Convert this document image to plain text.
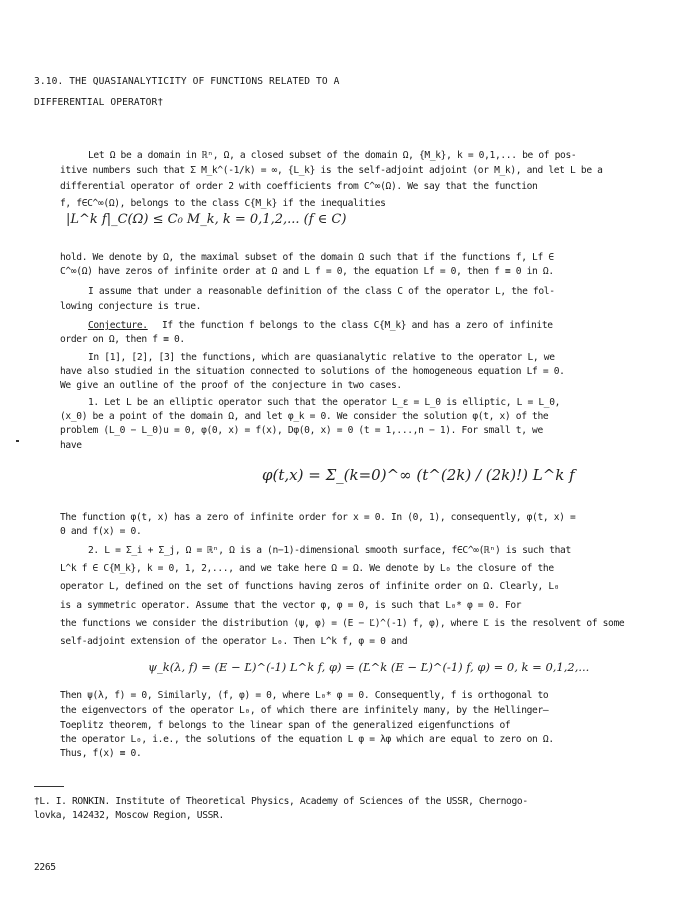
3.10. THE QUASIANALYTICITY OF FUNCTIONS RELATED TO A
DIFFERENTIAL OPERATOR†
Let Ω be a domain in ℝⁿ, Ω, a closed subset of the domain Ω, {M_k}, k = 0,1,... be of pos-
itive numbers such that Σ M_k^(-1/k) = ∞, {L_k} is the self-adjoint adjoint (or M_k), and let L be a
differential operator of order 2 with coefficients from C^∞(Ω). We say that the function
f, f∈C^∞(Ω), belongs to the class C{M_k} if the inequalities
|L^k f|_C(Ω) ≤ C₀ M_k, k = 0,1,2,... (f ∈ C)
hold. We denote by Ω, the maximal subset of the domain Ω such that if the functions f, Lf ∈
C^∞(Ω) have zeros of infinite order at Ω and L f = 0, the equation Lf = 0, then f ≡ 0 in Ω.
I assume that under a reasonable definition of the class C of the operator L, the fol-
lowing conjecture is true.
Conjecture.	If the function f belongs to the class C{M_k} and has a zero of infinite
order on Ω, then f ≡ 0.
In [1], [2], [3] the functions, which are quasianalytic relative to the operator L, we
have also studied in the situation connected to solutions of the homogeneous equation Lf = 0.
We give an outline of the proof of the conjecture in two cases.
1. Let L be an elliptic operator such that the operator L_ε = L_0 is elliptic, L = L_0,
(x_0) be a point of the domain Ω, and let φ_k = 0. We consider the solution φ(t, x) of the
problem (L_0 − L_0)u = 0, φ(0, x) = f(x), Dφ(0, x) = 0 (t = 1,...,n − 1). For small t, we
have
φ(t,x) = Σ_(k=0)^∞ (t^(2k) / (2k)!) L^k f
The function φ(t, x) has a zero of infinite order for x = 0. In (0, 1), consequently, φ(t, x) =
0 and f(x) = 0.
2. L = Σ_i + Σ_j, Ω = ℝⁿ, Ω is a (n−1)-dimensional smooth surface, f∈C^∞(ℝⁿ) is such that
L^k f ∈ C{M_k}, k = 0, 1, 2,..., and we take here Ω = Ω. We denote by L₀ the closure of the
operator L, defined on the set of functions having zeros of infinite order on Ω. Clearly, L₀
is a symmetric operator. Assume that the vector φ, φ = 0, is such that L₀* φ = 0. For
the functions we consider the distribution ⟨ψ, φ⟩ = (E − Ľ)^(-1) f, φ), where Ľ is the resolvent of some
self-adjoint extension of the operator L₀. Then L^k f, φ = 0 and
ψ_k(λ, f) = (E − Ľ)^(-1) L^k f, φ) = (Ľ^k (E − Ľ)^(-1) f, φ) = 0, k = 0,1,2,...
Then ψ(λ, f) = 0, Similarly, (f, φ) = 0, where L₀* φ = 0. Consequently, f is orthogonal to
the eigenvectors of the operator L₀, of which there are infinitely many, by the Hellinger–
Toeplitz theorem, f belongs to the linear span of the generalized eigenfunctions of
the operator L₀, i.e., the solutions of the equation L φ = λφ which are equal to zero on Ω.
Thus, f(x) ≡ 0.
†L. I. RONKIN. Institute of Theoretical Physics, Academy of Sciences of the USSR, Chernogo-
lovka, 142432, Moscow Region, USSR.
2265
